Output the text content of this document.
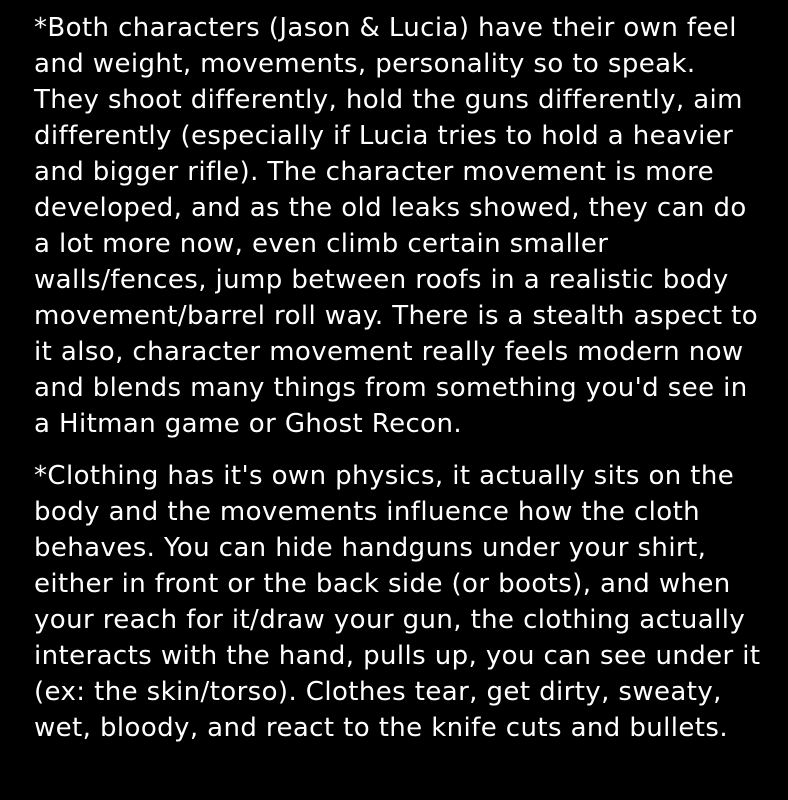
*Both characters (Jason & Lucia) have their own feel and weight, movements, personality so to speak. They shoot differently, hold the guns differently, aim differently (especially if Lucia tries to hold a heavier and bigger rifle). The character movement is more developed, and as the old leaks showed, they can do a lot more now, even climb certain smaller walls/fences, jump between roofs in a realistic body movement/barrel roll way. There is a stealth aspect to it also, character movement really feels modern now and blends many things from something you'd see in a Hitman game or Ghost Recon.

*Clothing has it's own physics, it actually sits on the body and the movements influence how the cloth behaves. You can hide handguns under your shirt, either in front or the back side (or boots), and when your reach for it/draw your gun, the clothing actually interacts with the hand, pulls up, you can see under it (ex: the skin/torso). Clothes tear, get dirty, sweaty, wet, bloody, and react to the knife cuts and bullets.
